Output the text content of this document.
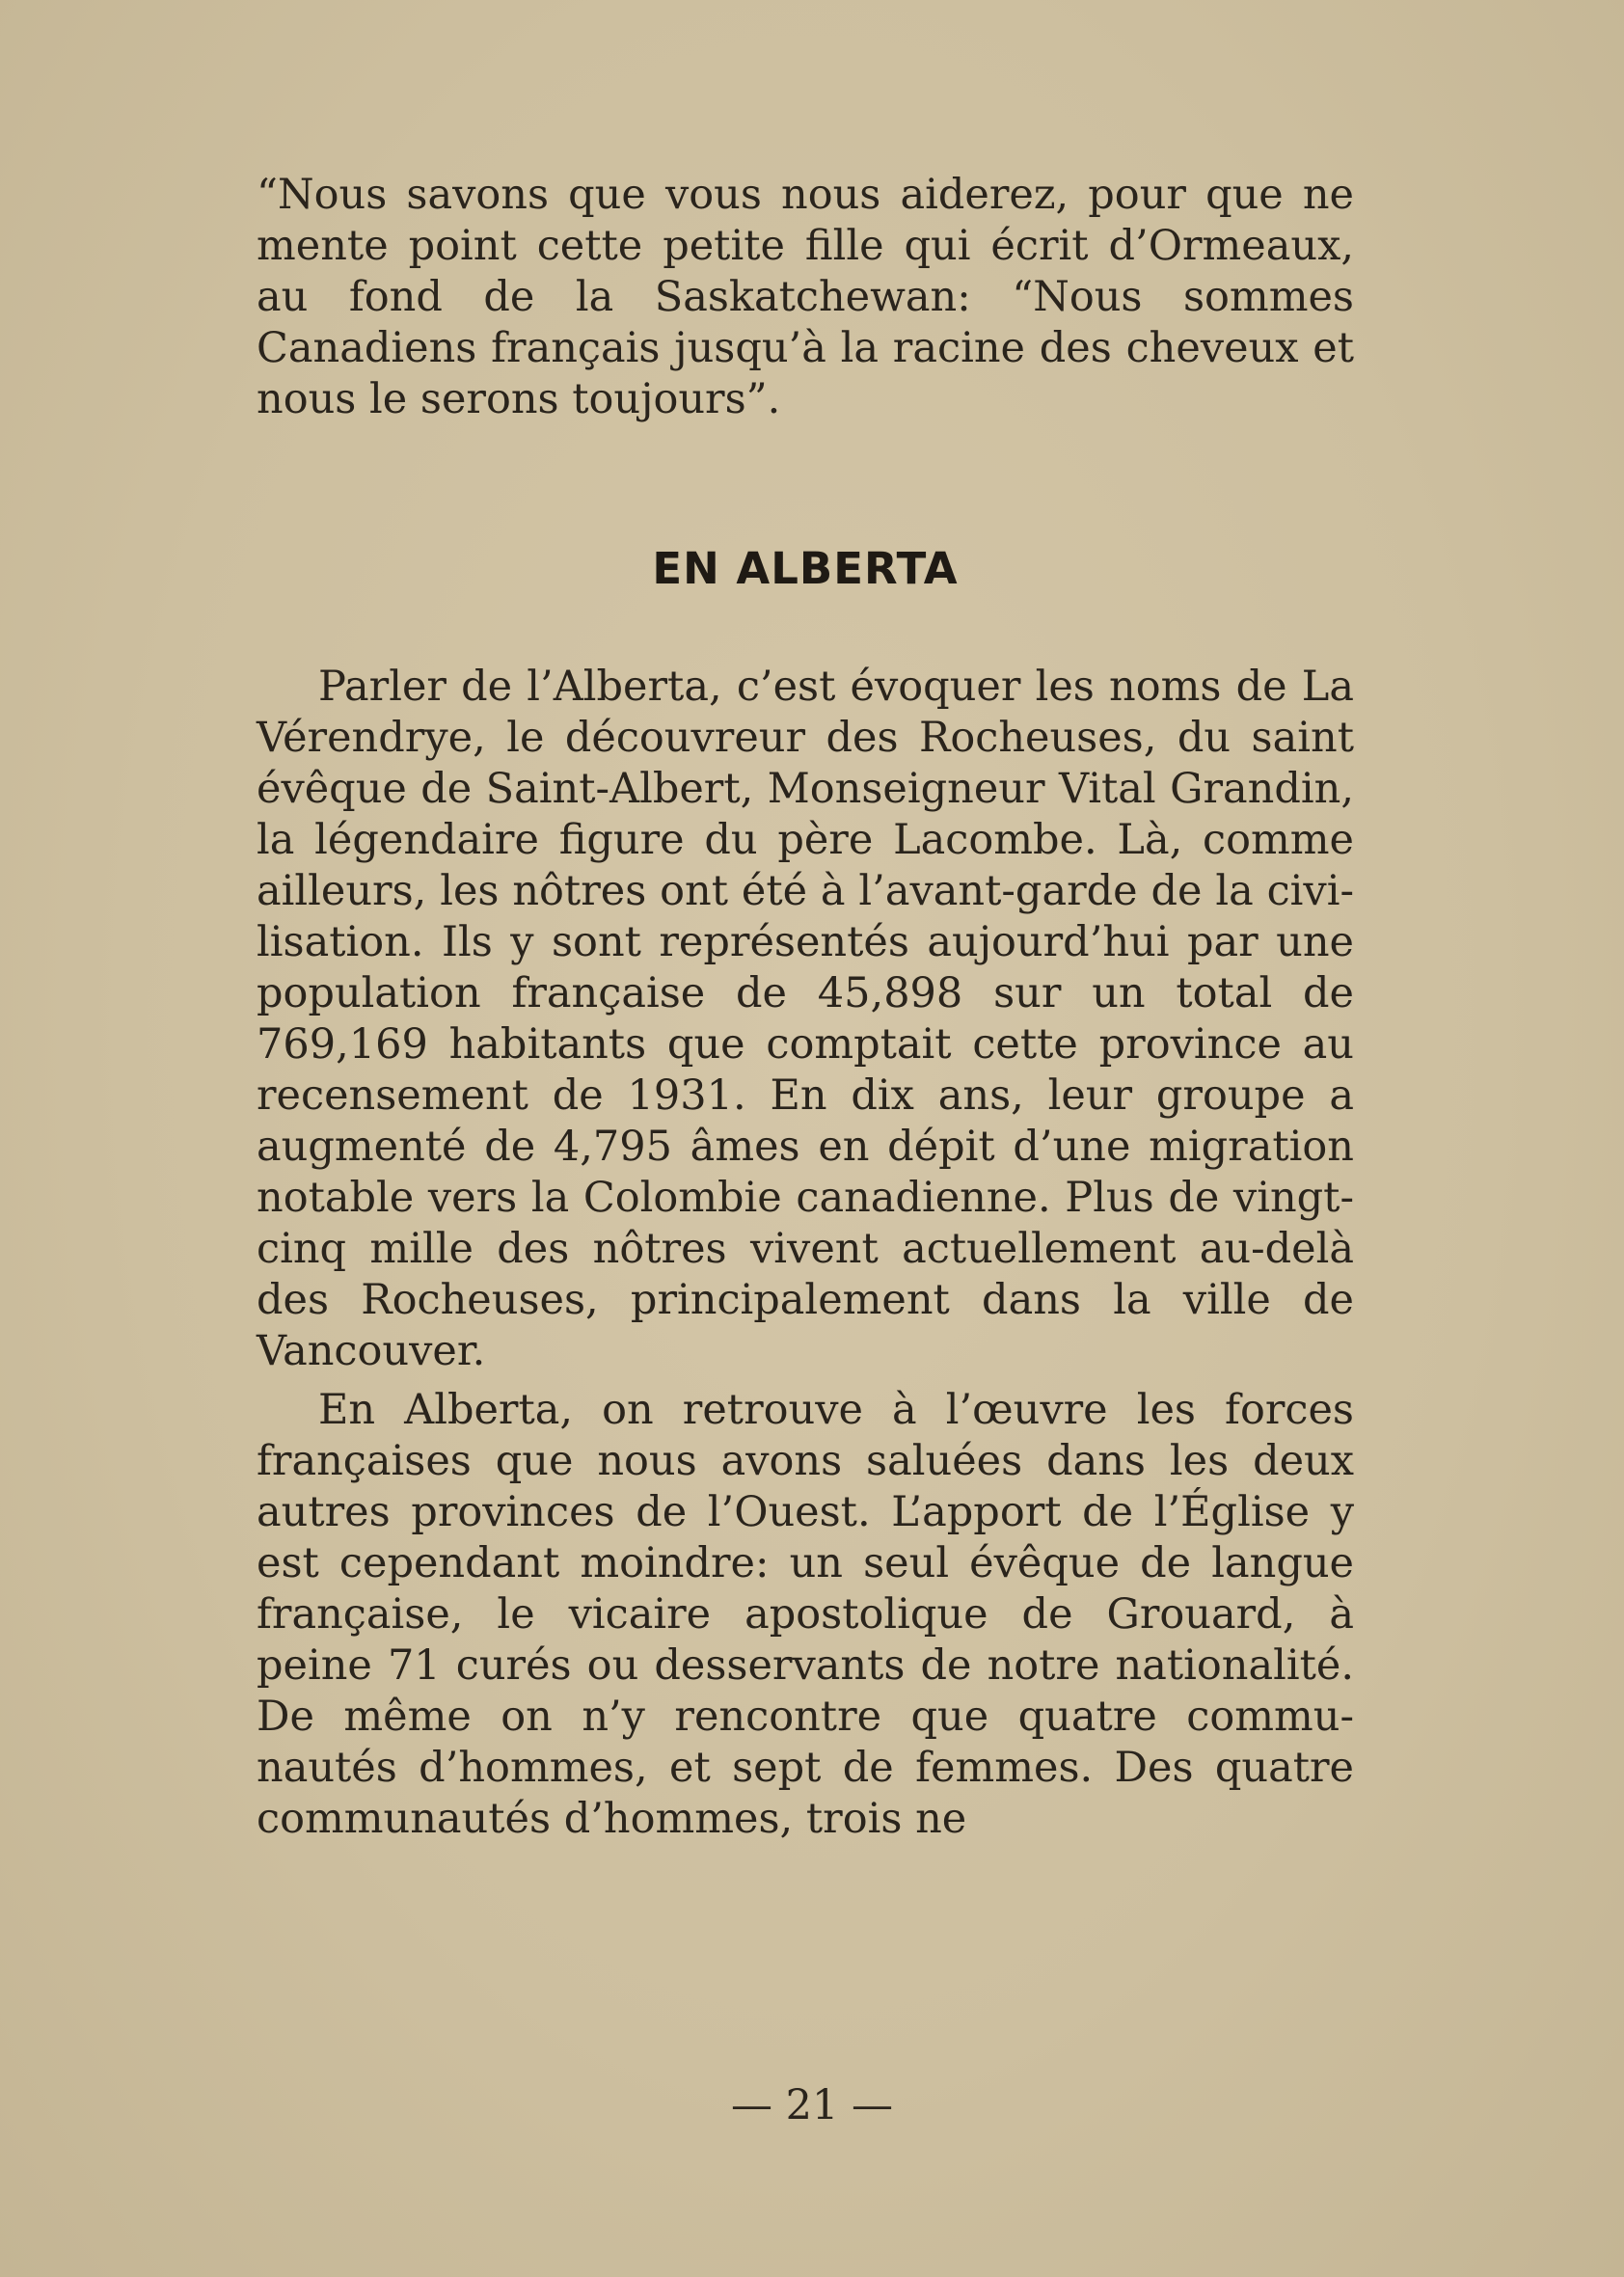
“Nous savons que vous nous aiderez, pour que ne mente point cette petite fille qui écrit d’Ormeaux, au fond de la Saskatchewan: “Nous sommes Canadiens français jusqu’à la racine des cheveux et nous le serons toujours”.

EN ALBERTA

Parler de l’Alberta, c’est évoquer les noms de La Vérendrye, le découvreur des Rocheuses, du saint évêque de Saint-Albert, Monseigneur Vital Grandin, la légendaire figure du père Lacombe. Là, comme ailleurs, les nôtres ont été à l’avant-garde de la civilisation. Ils y sont représentés aujourd’hui par une population française de 45,898 sur un total de 769,169 habitants que comptait cette province au recensement de 1931. En dix ans, leur groupe a augmenté de 4,795 âmes en dépit d’une migration notable vers la Colombie canadienne. Plus de vingt-cinq mille des nôtres vivent actuellement au-delà des Rocheuses, principalement dans la ville de Vancouver.

En Alberta, on retrouve à l’œuvre les forces françaises que nous avons saluées dans les deux autres provinces de l’Ouest. L’apport de l’Église y est cependant moindre: un seul évêque de langue française, le vicaire apostolique de Grouard, à peine 71 curés ou desservants de notre nationalité. De même on n’y rencontre que quatre communautés d’hommes, et sept de femmes. Des quatre communautés d’hommes, trois ne

— 21 —
